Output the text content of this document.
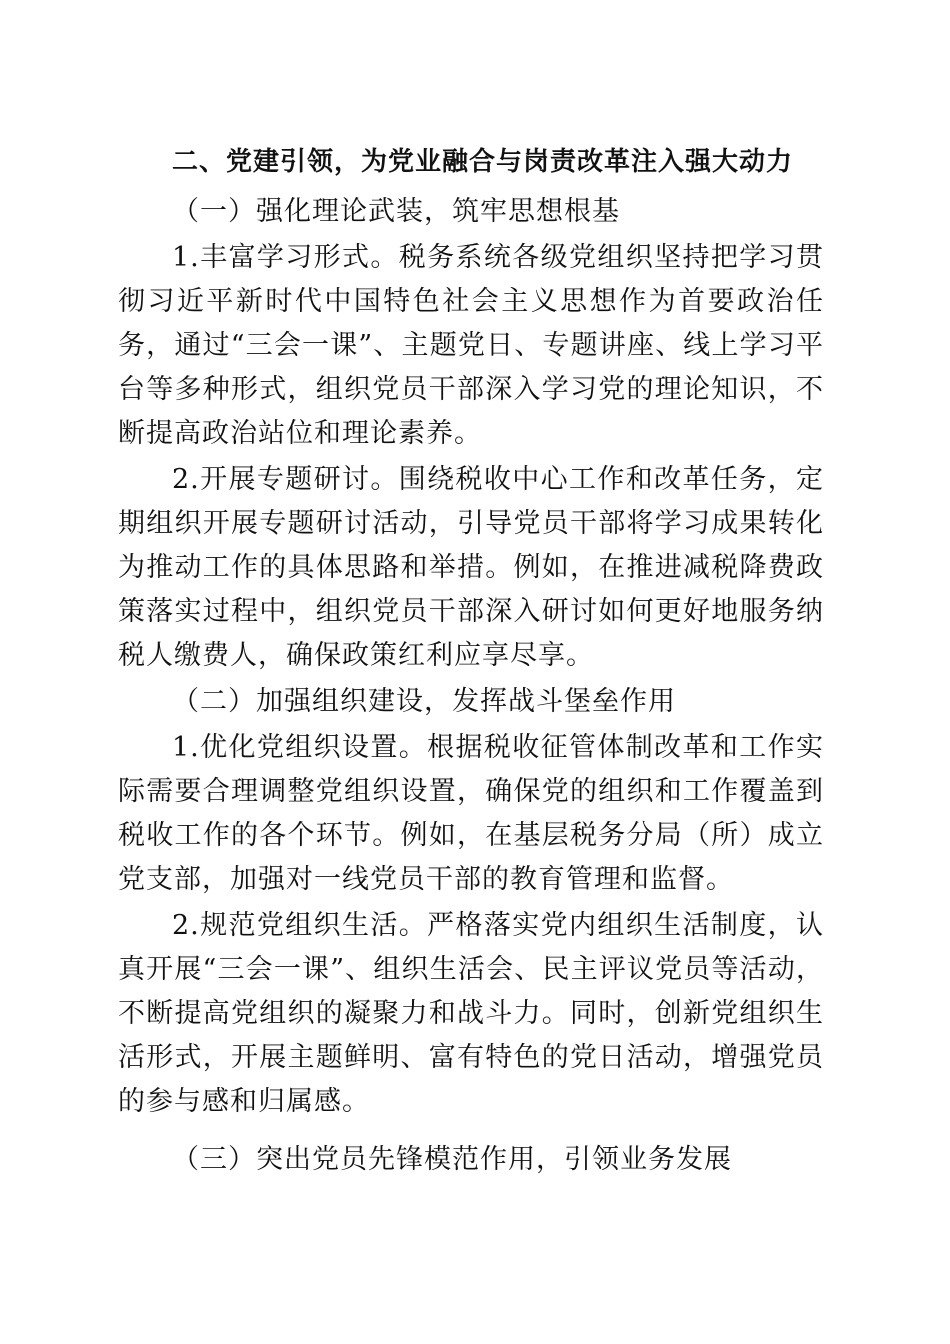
二、党建引领，为党业融合与岗责改革注入强大动力
（一）强化理论武装，筑牢思想根基
1.丰富学习形式。税务系统各级党组织坚持把学习贯彻习近平新时代中国特色社会主义思想作为首要政治任务，通过“三会一课”、主题党日、专题讲座、线上学习平台等多种形式，组织党员干部深入学习党的理论知识，不断提高政治站位和理论素养。
2.开展专题研讨。围绕税收中心工作和改革任务，定期组织开展专题研讨活动，引导党员干部将学习成果转化为推动工作的具体思路和举措。例如，在推进减税降费政策落实过程中，组织党员干部深入研讨如何更好地服务纳税人缴费人，确保政策红利应享尽享。
（二）加强组织建设，发挥战斗堡垒作用
1.优化党组织设置。根据税收征管体制改革和工作实际需要合理调整党组织设置，确保党的组织和工作覆盖到税收工作的各个环节。例如，在基层税务分局（所）成立党支部，加强对一线党员干部的教育管理和监督。
2.规范党组织生活。严格落实党内组织生活制度，认真开展“三会一课”、组织生活会、民主评议党员等活动，不断提高党组织的凝聚力和战斗力。同时，创新党组织生活形式，开展主题鲜明、富有特色的党日活动，增强党员的参与感和归属感。
（三）突出党员先锋模范作用，引领业务发展
